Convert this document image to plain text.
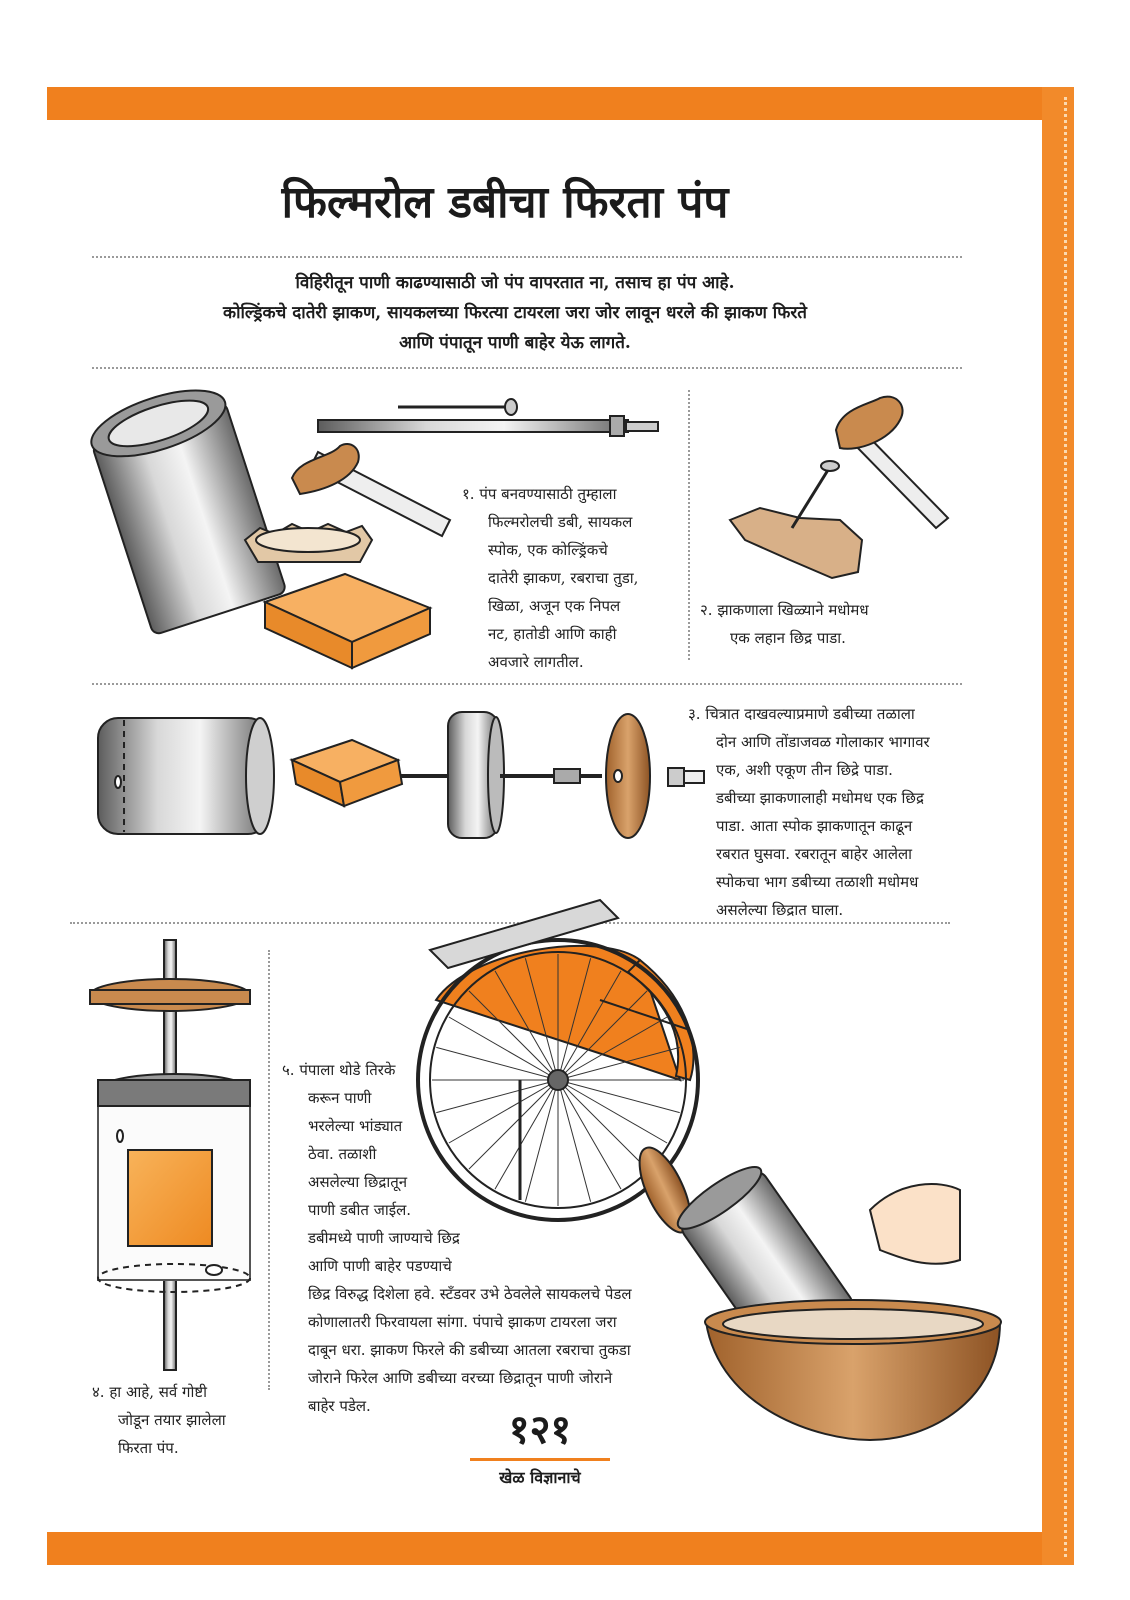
फिल्मरोल डबीचा फिरता पंप
विहिरीतून पाणी काढण्यासाठी जो पंप वापरतात ना, तसाच हा पंप आहे.
कोल्ड्रिंकचे दातेरी झाकण, सायकलच्या फिरत्या टायरला जरा जोर लावून धरले की झाकण फिरते
आणि पंपातून पाणी बाहेर येऊ लागते.
१. पंप बनवण्यासाठी तुम्हाला
फिल्मरोलची डबी, सायकल
स्पोक, एक कोल्ड्रिंकचे
दातेरी झाकण, रबराचा तुडा,
खिळा, अजून एक निपल
नट, हातोडी आणि काही
अवजारे लागतील.
२. झाकणाला खिळ्याने मधोमध
एक लहान छिद्र पाडा.
३. चित्रात दाखवल्याप्रमाणे डबीच्या तळाला
दोन आणि तोंडाजवळ गोलाकार भागावर
एक, अशी एकूण तीन छिद्रे पाडा.
डबीच्या झाकणालाही मधोमध एक छिद्र
पाडा. आता स्पोक झाकणातून काढून
रबरात घुसवा. रबरातून बाहेर आलेला
स्पोकचा भाग डबीच्या तळाशी मधोमध
असलेल्या छिद्रात घाला.
४. हा आहे, सर्व गोष्टी
जोडून तयार झालेला
फिरता पंप.
५. पंपाला थोडे तिरके
करून पाणी
भरलेल्या भांड्यात
ठेवा. तळाशी
असलेल्या छिद्रातून
पाणी डबीत जाईल.
डबीमध्ये पाणी जाण्याचे छिद्र
आणि पाणी बाहेर पडण्याचे
छिद्र विरुद्ध दिशेला हवे. स्टँडवर उभे ठेवलेले सायकलचे पेडल
कोणालातरी फिरवायला सांगा. पंपाचे झाकण टायरला जरा
दाबून धरा. झाकण फिरले की डबीच्या आतला रबराचा तुकडा
जोराने फिरेल आणि डबीच्या वरच्या छिद्रातून पाणी जोराने
बाहेर पडेल.	१२१
खेळ विज्ञानाचे
